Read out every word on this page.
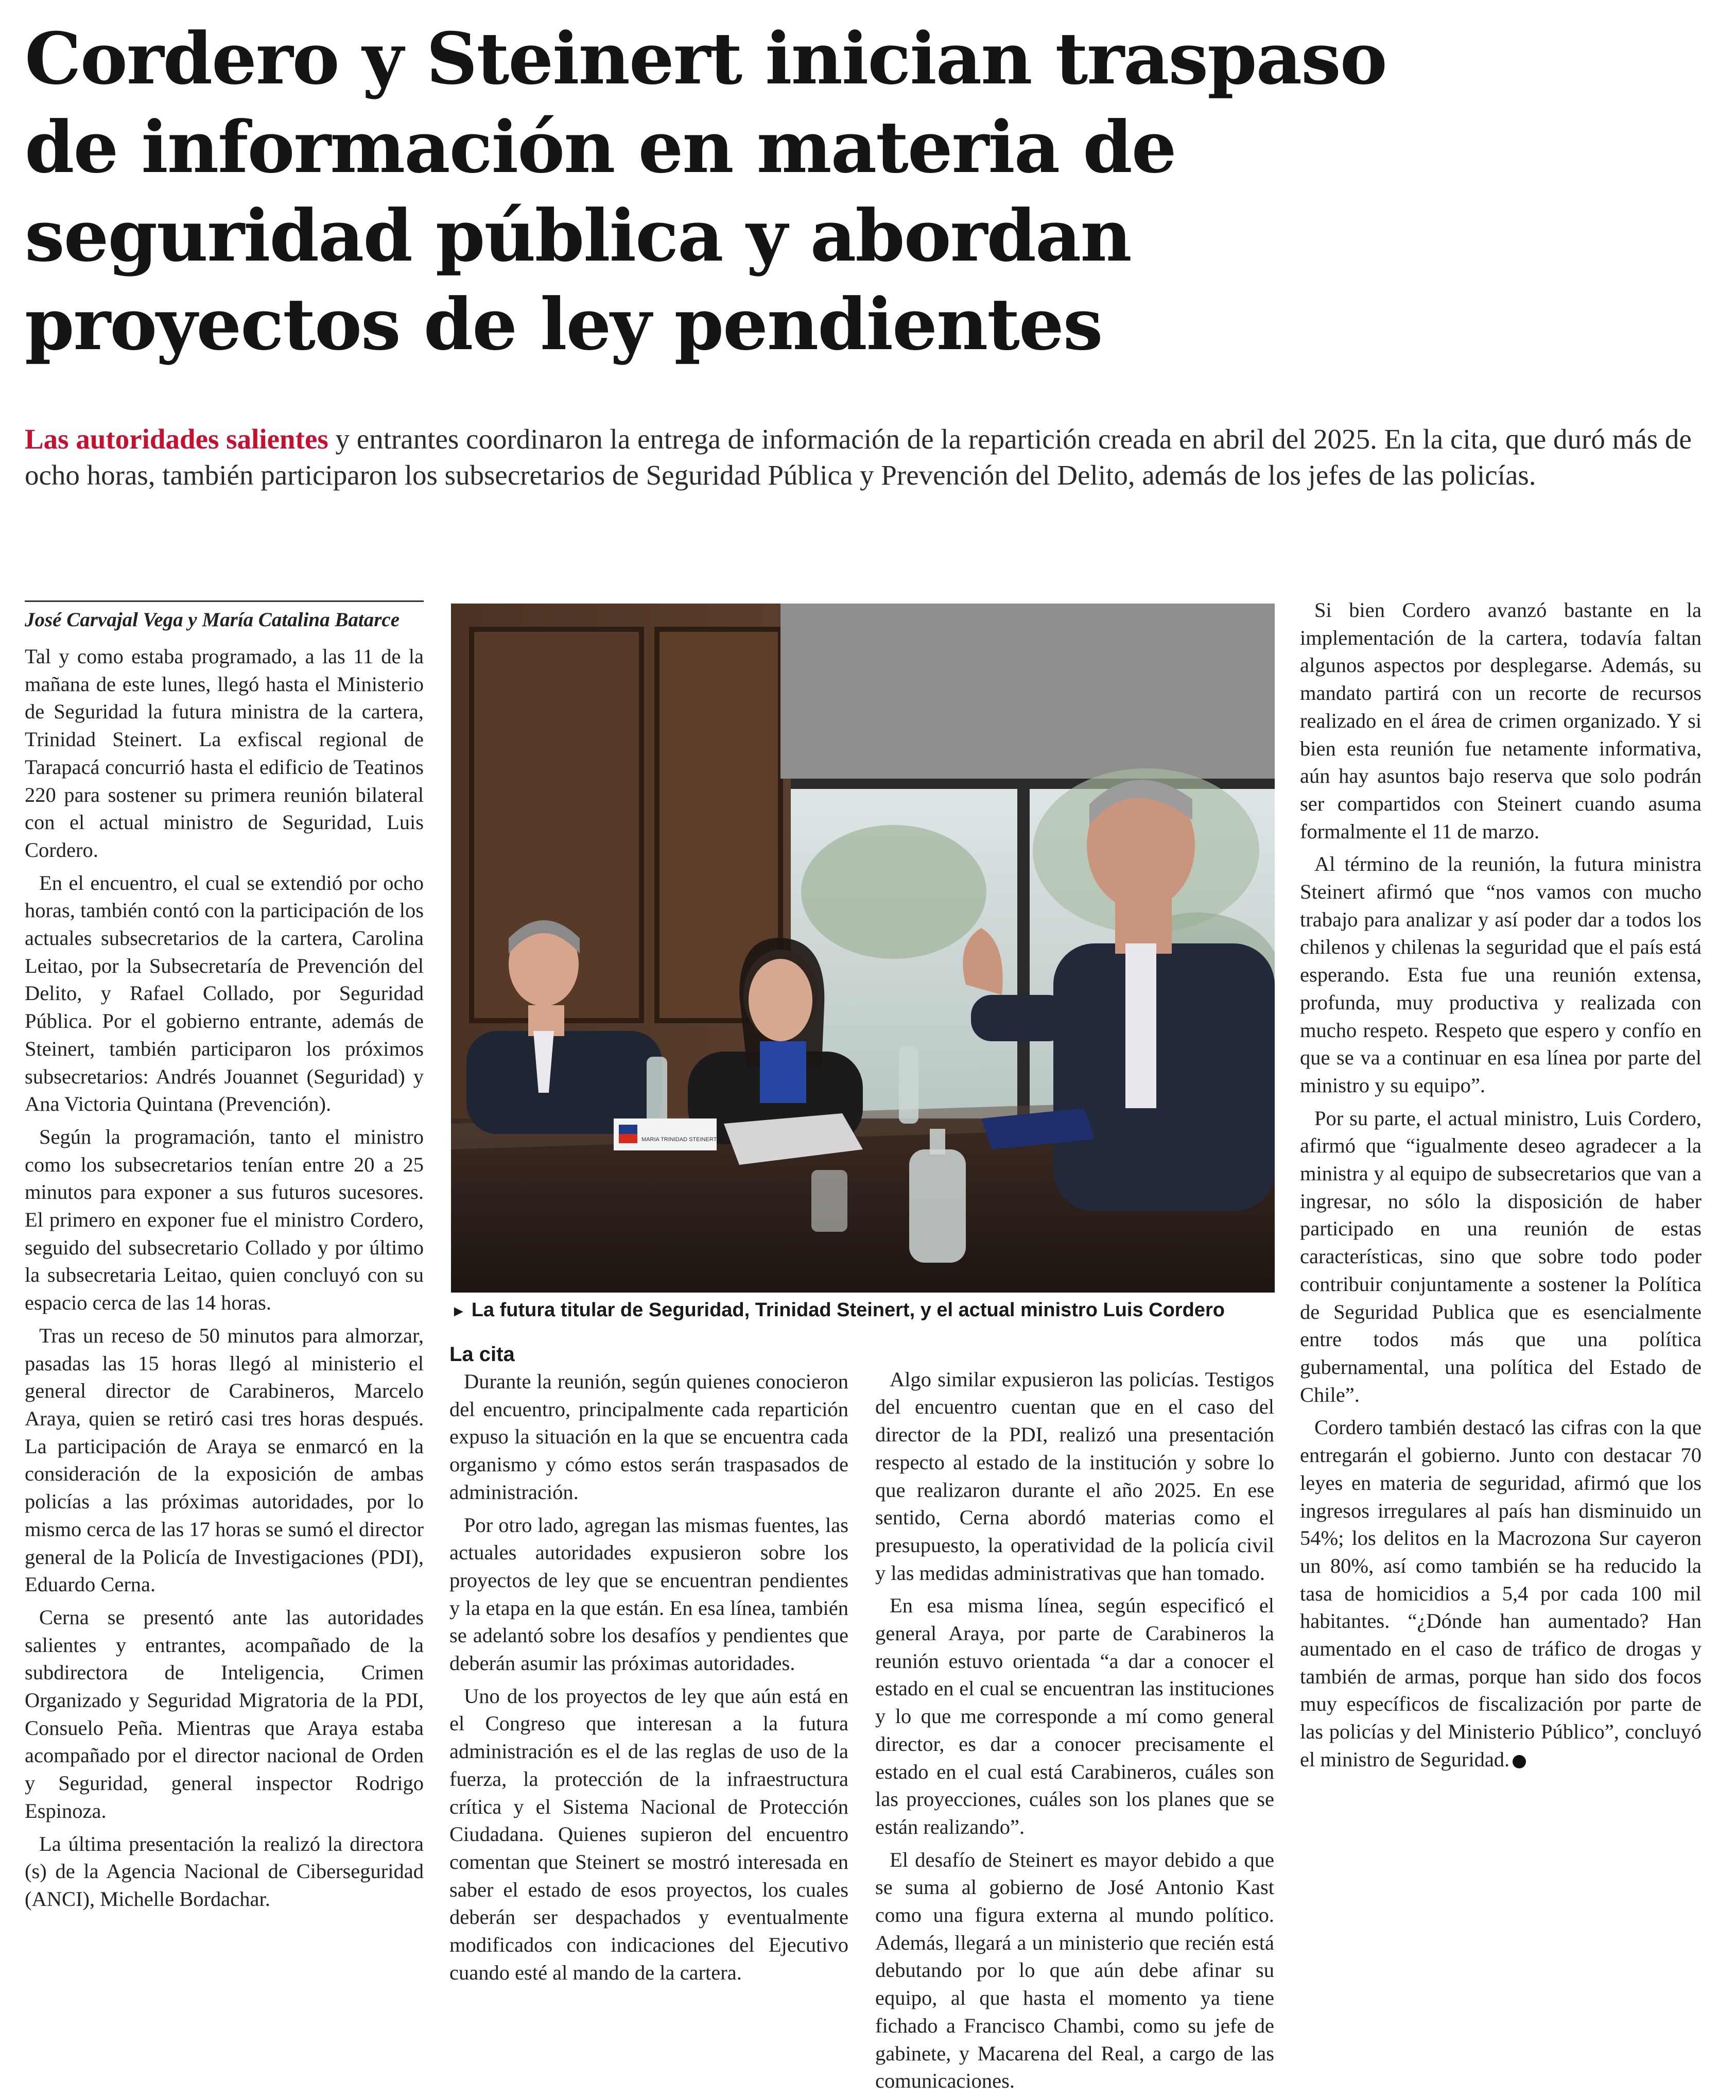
Cordero y Steinert inician traspaso
de información en materia de
seguridad pública y abordan
proyectos de ley pendientes
Las autoridades salientes y entrantes coordinaron la entrega de información de la repartición creada en abril del 2025. En la cita, que duró más de ocho horas, también participaron los subsecretarios de Seguridad Pública y Prevención del Delito, además de los jefes de las policías.

José Carvajal Vega y María Catalina Batarce

Tal y como estaba programado, a las 11 de la mañana de este lunes, llegó hasta el Ministerio de Seguridad la futura ministra de la cartera, Trinidad Steinert. La exfiscal regional de Tarapacá concurrió hasta el edificio de Teatinos 220 para sostener su primera reunión bilateral con el actual ministro de Seguridad, Luis Cordero.

En el encuentro, el cual se extendió por ocho horas, también contó con la participación de los actuales subsecretarios de la cartera, Carolina Leitao, por la Subsecretaría de Prevención del Delito, y Rafael Collado, por Seguridad Pública. Por el gobierno entrante, además de Steinert, también participaron los próximos subsecretarios: Andrés Jouannet (Seguridad) y Ana Victoria Quintana (Prevención).

Según la programación, tanto el ministro como los subsecretarios tenían entre 20 a 25 minutos para exponer a sus futuros sucesores. El primero en exponer fue el ministro Cordero, seguido del subsecretario Collado y por último la subsecretaria Leitao, quien concluyó con su espacio cerca de las 14 horas.

Tras un receso de 50 minutos para almorzar, pasadas las 15 horas llegó al ministerio el general director de Carabineros, Marcelo Araya, quien se retiró casi tres horas después. La participación de Araya se enmarcó en la consideración de la exposición de ambas policías a las próximas autoridades, por lo mismo cerca de las 17 horas se sumó el director general de la Policía de Investigaciones (PDI), Eduardo Cerna.

Cerna se presentó ante las autoridades salientes y entrantes, acompañado de la subdirectora de Inteligencia, Crimen Organizado y Seguridad Migratoria de la PDI, Consuelo Peña. Mientras que Araya estaba acompañado por el director nacional de Orden y Seguridad, general inspector Rodrigo Espinoza.

La última presentación la realizó la directora (s) de la Agencia Nacional de Ciberseguridad (ANCI), Michelle Bordachar.

MARIA TRINIDAD STEINERT
► La futura titular de Seguridad, Trinidad Steinert, y el actual ministro Luis Cordero
La cita

Durante la reunión, según quienes conocieron del encuentro, principalmente cada repartición expuso la situación en la que se encuentra cada organismo y cómo estos serán traspasados de administración.

Por otro lado, agregan las mismas fuentes, las actuales autoridades expusieron sobre los proyectos de ley que se encuentran pendientes y la etapa en la que están. En esa línea, también se adelantó sobre los desafíos y pendientes que deberán asumir las próximas autoridades.

Uno de los proyectos de ley que aún está en el Congreso que interesan a la futura administración es el de las reglas de uso de la fuerza, la protección de la infraestructura crítica y el Sistema Nacional de Protección Ciudadana. Quienes supieron del encuentro comentan que Steinert se mostró interesada en saber el estado de esos proyectos, los cuales deberán ser despachados y eventualmente modificados con indicaciones del Ejecutivo cuando esté al mando de la cartera.

Algo similar expusieron las policías. Testigos del encuentro cuentan que en el caso del director de la PDI, realizó una presentación respecto al estado de la institución y sobre lo que realizaron durante el año 2025. En ese sentido, Cerna abordó materias como el presupuesto, la operatividad de la policía civil y las medidas administrativas que han tomado.

En esa misma línea, según especificó el general Araya, por parte de Carabineros la reunión estuvo orientada “a dar a conocer el estado en el cual se encuentran las instituciones y lo que me corresponde a mí como general director, es dar a conocer precisamente el estado en el cual está Carabineros, cuáles son las proyecciones, cuáles son los planes que se están realizando”.

El desafío de Steinert es mayor debido a que se suma al gobierno de José Antonio Kast como una figura externa al mundo político. Además, llegará a un ministerio que recién está debutando por lo que aún debe afinar su equipo, al que hasta el momento ya tiene fichado a Francisco Chambi, como su jefe de gabinete, y Macarena del Real, a cargo de las comunicaciones.

Si bien Cordero avanzó bastante en la implementación de la cartera, todavía faltan algunos aspectos por desplegarse. Además, su mandato partirá con un recorte de recursos realizado en el área de crimen organizado. Y si bien esta reunión fue netamente informativa, aún hay asuntos bajo reserva que solo podrán ser compartidos con Steinert cuando asuma formalmente el 11 de marzo.

Al término de la reunión, la futura ministra Steinert afirmó que “nos vamos con mucho trabajo para analizar y así poder dar a todos los chilenos y chilenas la seguridad que el país está esperando. Esta fue una reunión extensa, profunda, muy productiva y realizada con mucho respeto. Respeto que espero y confío en que se va a continuar en esa línea por parte del ministro y su equipo”.

Por su parte, el actual ministro, Luis Cordero, afirmó que “igualmente deseo agradecer a la ministra y al equipo de subsecretarios que van a ingresar, no sólo la disposición de haber participado en una reunión de estas características, sino que sobre todo poder contribuir conjuntamente a sostener la Política de Seguridad Publica que es esencialmente entre todos más que una política gubernamental, una política del Estado de Chile”.

Cordero también destacó las cifras con la que entregarán el gobierno. Junto con destacar 70 leyes en materia de seguridad, afirmó que los ingresos irregulares al país han disminuido un 54%; los delitos en la Macrozona Sur cayeron un 80%, así como también se ha reducido la tasa de homicidios a 5,4 por cada 100 mil habitantes. “¿Dónde han aumentado? Han aumentado en el caso de tráfico de drogas y también de armas, porque han sido dos focos muy específicos de fiscalización por parte de las policías y del Ministerio Público”, concluyó el ministro de Seguridad.
